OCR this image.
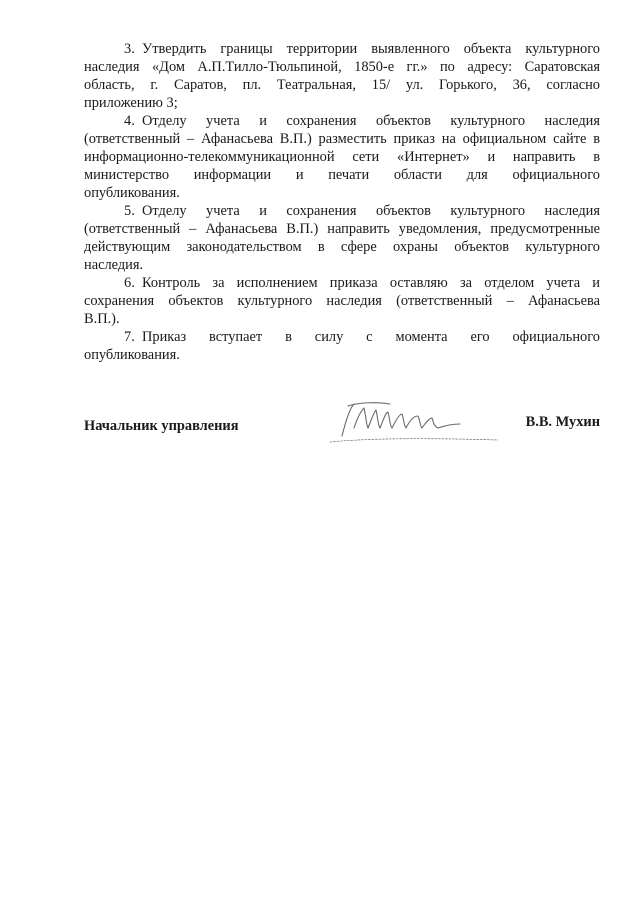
3. Утвердить границы территории выявленного объекта культурного
наследия «Дом А.П.Тилло-Тюльпиной, 1850-е гг.» по адресу: Саратовская
область, г. Саратов, пл. Театральная, 15/ ул. Горького, 36, согласно
приложению 3;
4. Отделу учета и сохранения объектов культурного наследия
(ответственный – Афанасьева В.П.) разместить приказ на официальном сайте в
информационно-телекоммуникационной сети «Интернет» и направить в
министерство информации и печати области для официального
опубликования.
5. Отделу учета и сохранения объектов культурного наследия
(ответственный – Афанасьева В.П.) направить уведомления, предусмотренные
действующим законодательством в сфере охраны объектов культурного
наследия.
6. Контроль за исполнением приказа оставляю за отделом учета и
сохранения объектов культурного наследия (ответственный – Афанасьева
В.П.).
7. Приказ вступает в силу с момента его официального
опубликования.
Начальник управления	В.В. Мухин
